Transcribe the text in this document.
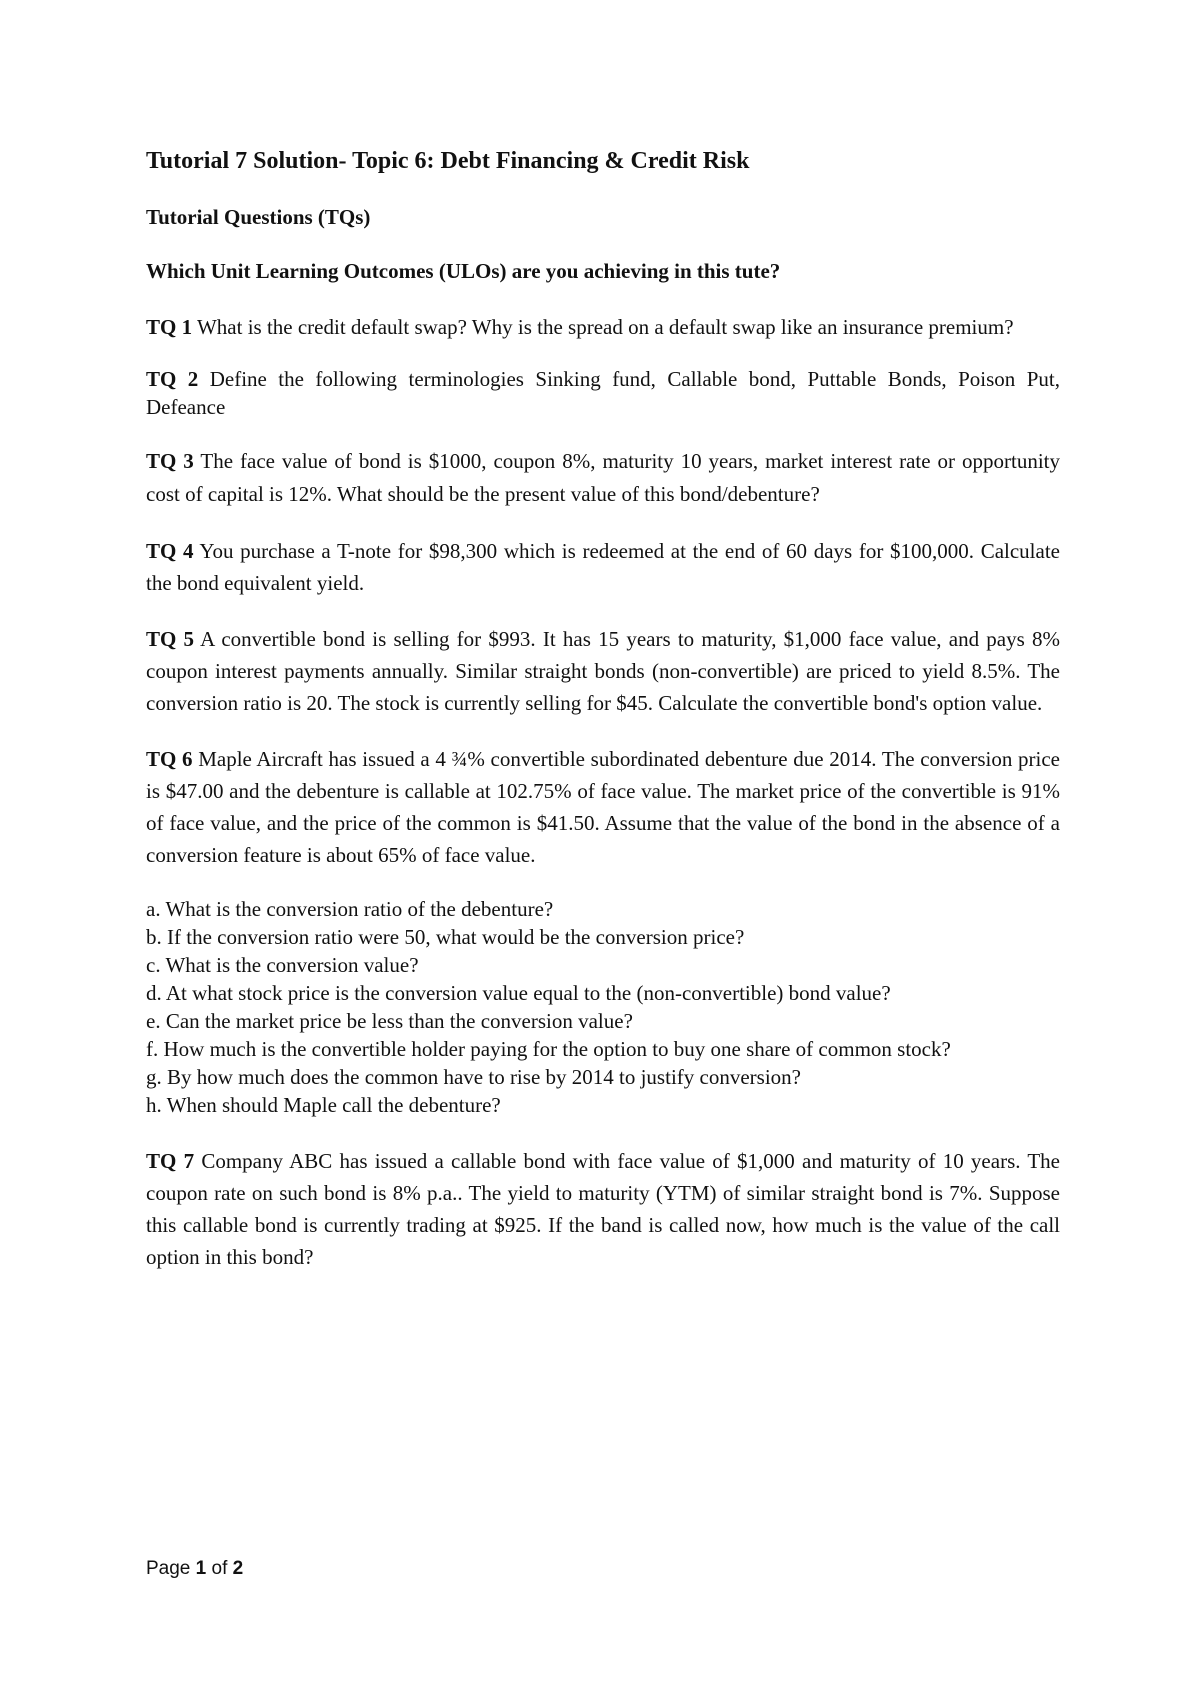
Tutorial 7 Solution- Topic 6: Debt Financing & Credit Risk
Tutorial Questions (TQs)
Which Unit Learning Outcomes (ULOs) are you achieving in this tute?

TQ 1 What is the credit default swap? Why is the spread on a default swap like an insurance premium?

TQ 2 Define the following terminologies Sinking fund, Callable bond, Puttable Bonds, Poison Put, Defeance

TQ 3 The face value of bond is $1000, coupon 8%, maturity 10 years, market interest rate or opportunity cost of capital is 12%. What should be the present value of this bond/debenture?

TQ 4 You purchase a T-note for $98,300 which is redeemed at the end of 60 days for $100,000. Calculate the bond equivalent yield.

TQ 5 A convertible bond is selling for $993. It has 15 years to maturity, $1,000 face value, and pays 8% coupon interest payments annually. Similar straight bonds (non-convertible) are priced to yield 8.5%. The conversion ratio is 20. The stock is currently selling for $45. Calculate the convertible bond's option value.

TQ 6 Maple Aircraft has issued a 4 ¾% convertible subordinated debenture due 2014. The conversion price is $47.00 and the debenture is callable at 102.75% of face value. The market price of the convertible is 91% of face value, and the price of the common is $41.50. Assume that the value of the bond in the absence of a conversion feature is about 65% of face value.

a. What is the conversion ratio of the debenture?
b. If the conversion ratio were 50, what would be the conversion price?
c. What is the conversion value?
d. At what stock price is the conversion value equal to the (non-convertible) bond value?
e. Can the market price be less than the conversion value?
f. How much is the convertible holder paying for the option to buy one share of common stock?
g. By how much does the common have to rise by 2014 to justify conversion?
h. When should Maple call the debenture?

TQ 7 Company ABC has issued a callable bond with face value of $1,000 and maturity of 10 years. The coupon rate on such bond is 8% p.a.. The yield to maturity (YTM) of similar straight bond is 7%. Suppose this callable bond is currently trading at $925. If the band is called now, how much is the value of the call option in this bond?

Page 1 of 2
